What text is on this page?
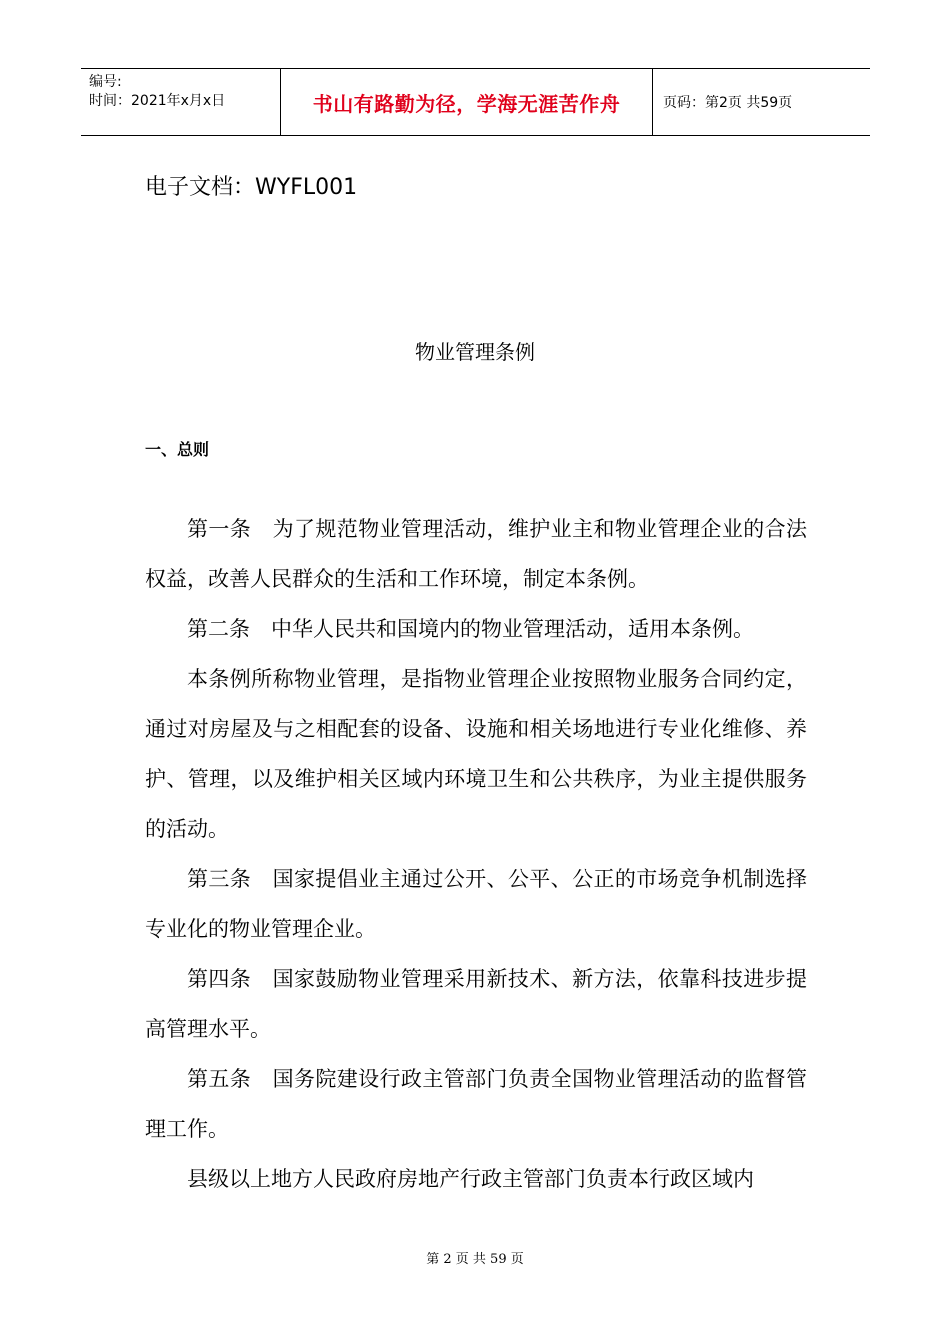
编号:
时间：2021年x月x日	书山有路勤为径，学海无涯苦作舟	页码：第2页 共59页
电子文档：WYFL001
物业管理条例
一、总则

第一条　为了规范物业管理活动，维护业主和物业管理企业的合法权益，改善人民群众的生活和工作环境，制定本条例。

第二条　中华人民共和国境内的物业管理活动，适用本条例。

本条例所称物业管理，是指物业管理企业按照物业服务合同约定，通过对房屋及与之相配套的设备、设施和相关场地进行专业化维修、养护、管理，以及维护相关区域内环境卫生和公共秩序，为业主提供服务的活动。

第三条　国家提倡业主通过公开、公平、公正的市场竞争机制选择专业化的物业管理企业。

第四条　国家鼓励物业管理采用新技术、新方法，依靠科技进步提高管理水平。

第五条　国务院建设行政主管部门负责全国物业管理活动的监督管理工作。

县级以上地方人民政府房地产行政主管部门负责本行政区域内

第 2 页 共 59 页
